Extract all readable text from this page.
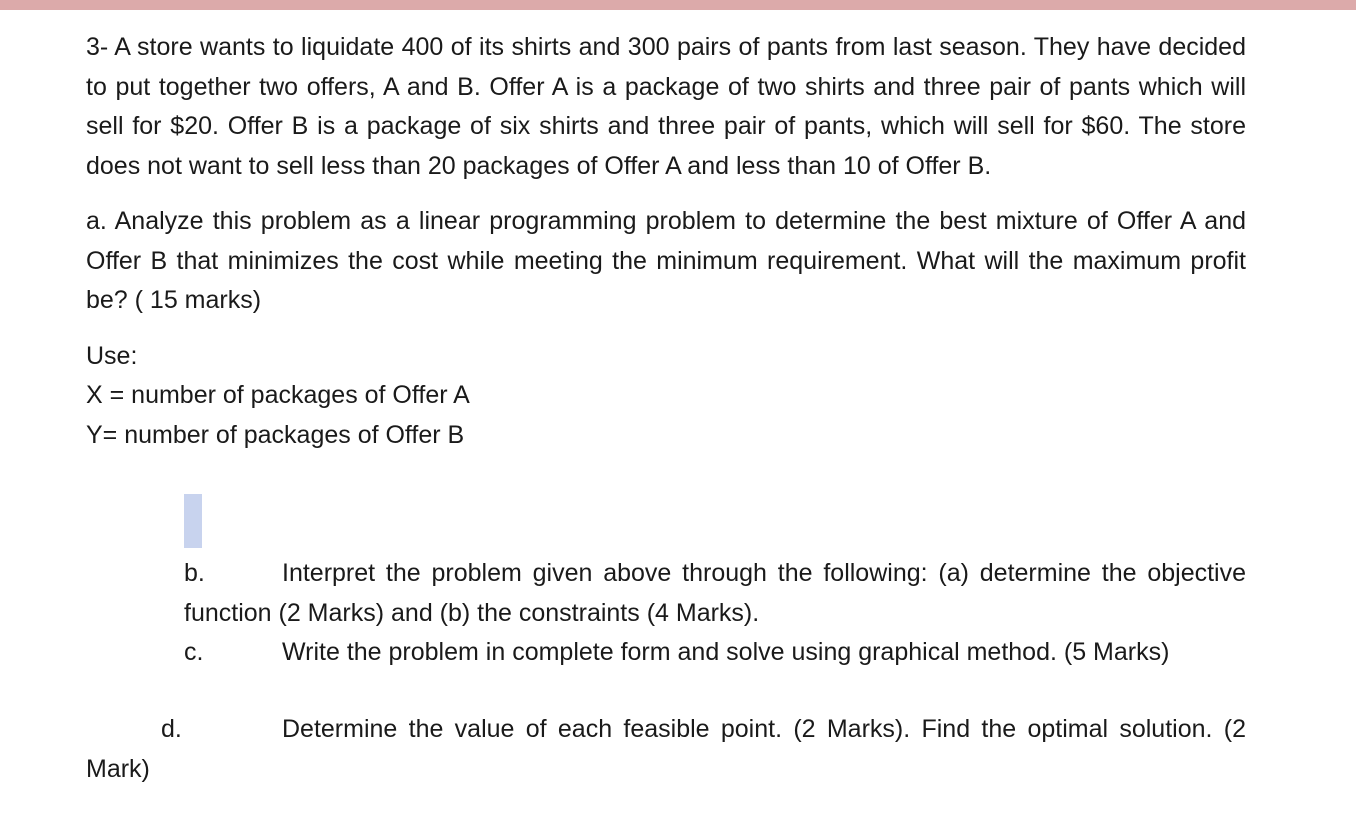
3- A store wants to liquidate 400 of its shirts and 300 pairs of pants from last season. They have decided to put together two offers, A and B. Offer A is a package of two shirts and three pair of pants which will sell for $20. Offer B is a package of six shirts and three pair of pants, which will sell for $60. The store does not want to sell less than 20 packages of Offer A and less than 10 of Offer B.

a. Analyze this problem as a linear programming problem to determine the best mixture of Offer A and Offer B that minimizes the cost while meeting the minimum requirement. What will the maximum profit be? ( 15 marks)

Use:
X = number of packages of Offer A
Y= number of packages of Offer B

b.	Interpret the problem given above through the following: (a) determine the objective function (2 Marks) and (b) the constraints (4 Marks).

c.	Write the problem in complete form and solve using graphical method. (5 Marks)

d.	Determine the value of each feasible point. (2 Marks). Find the optimal solution. (2 Mark)
